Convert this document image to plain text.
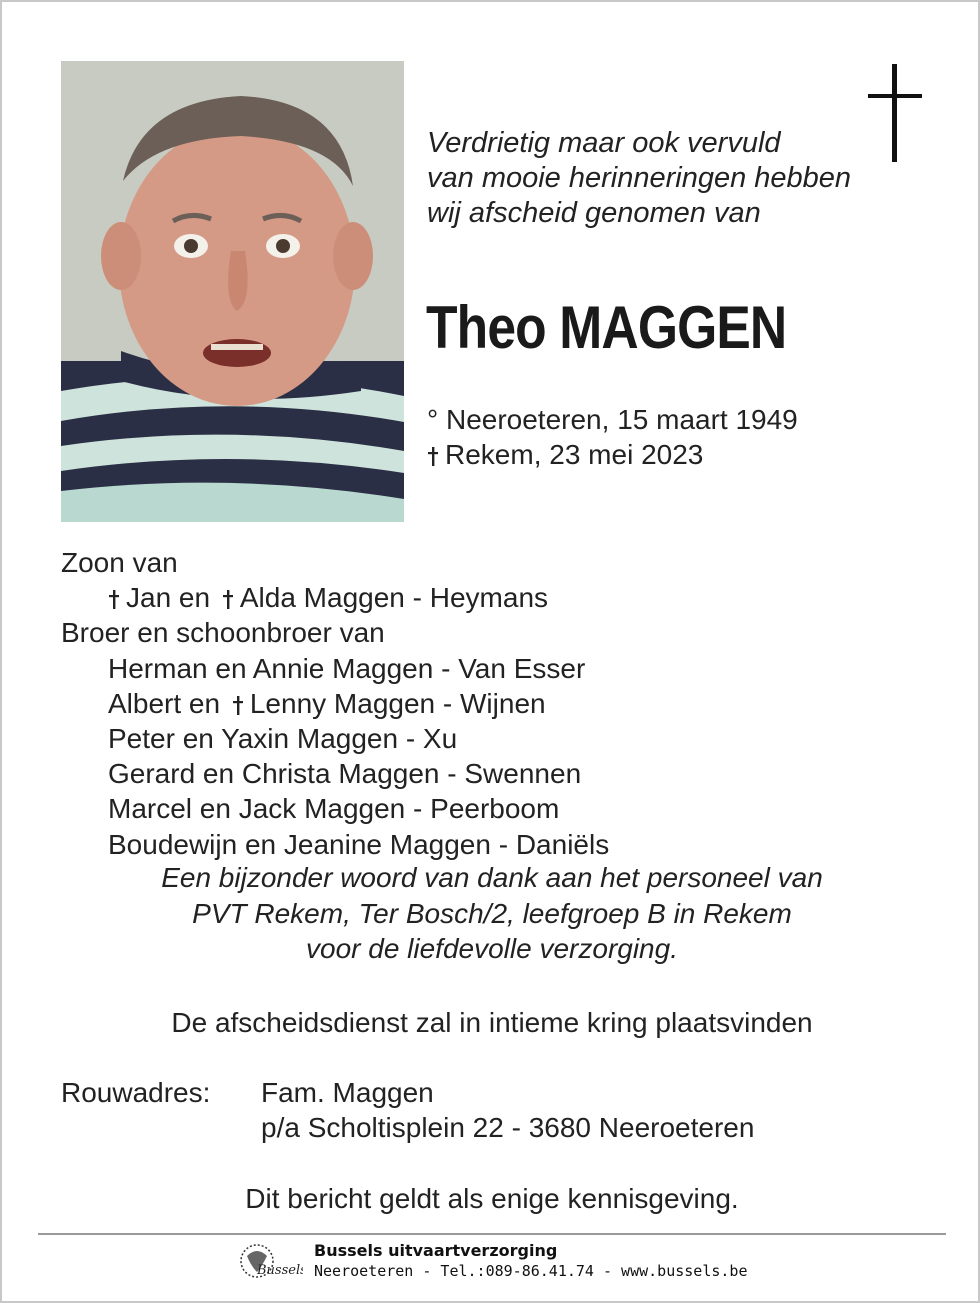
Verdrietig maar ook vervuld
van mooie herinneringen hebben
wij afscheid genomen van
Theo MAGGEN
° Neeroeteren, 15 maart 1949
Rekem, 23 mei 2023
Zoon van
Jan en Alda Maggen - Heymans
Broer en schoonbroer van
Herman en Annie Maggen - Van Esser
Albert en Lenny Maggen - Wijnen
Peter en Yaxin Maggen - Xu
Gerard en Christa Maggen - Swennen
Marcel en Jack Maggen - Peerboom
Boudewijn en Jeanine Maggen - Daniëls
Een bijzonder woord van dank aan het personeel van
PVT Rekem, Ter Bosch/2, leefgroep B in Rekem
voor de liefdevolle verzorging.
De afscheidsdienst zal in intieme kring plaatsvinden
Rouwadres: Fam. Maggen
p/a Scholtisplein 22 - 3680 Neeroeteren
Dit bericht geldt als enige kennisgeving.
Bussels
Bussels uitvaartverzorging
Neeroeteren - Tel.:089-86.41.74 - www.bussels.be
